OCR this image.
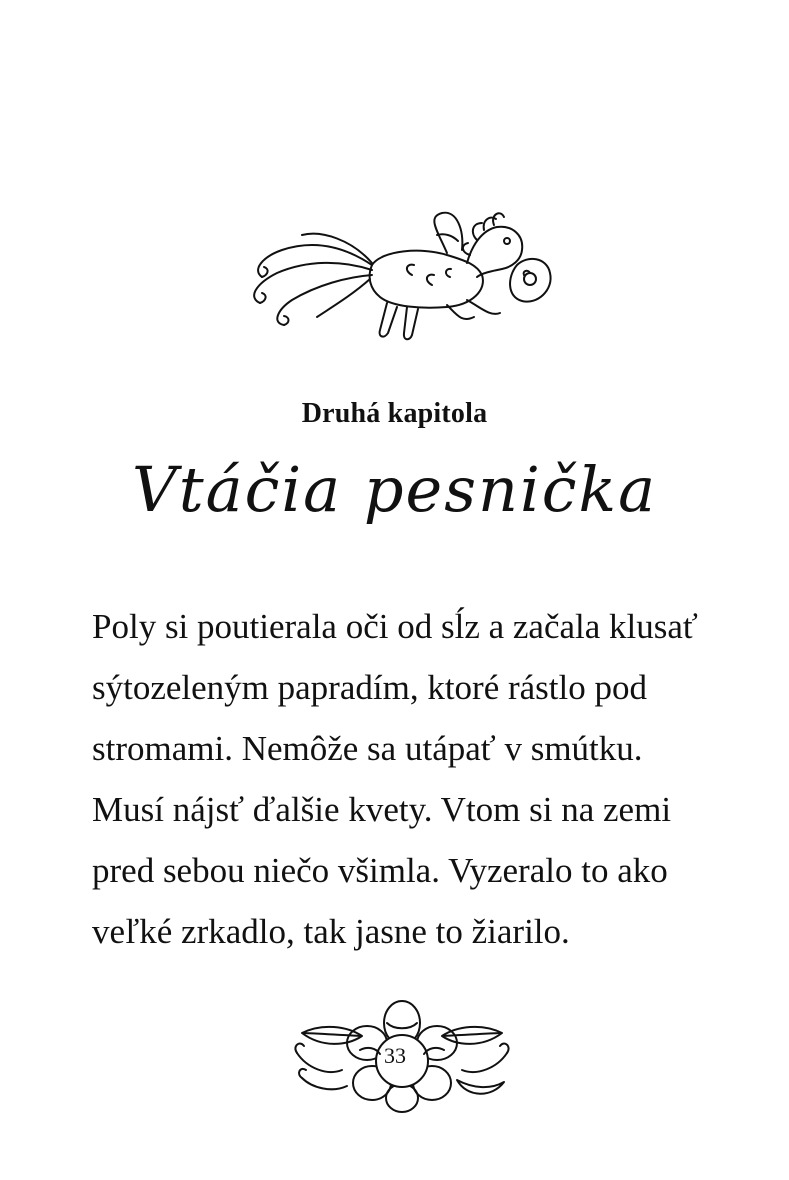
Druhá kapitola
Vtáčia pesnička
Poly si poutierala oči od sĺz a začala klusať
sýtozeleným papradím, ktoré rástlo pod
stromami. Nemôže sa utápať v smútku.
Musí nájsť ďalšie kvety. Vtom si na zemi
pred sebou niečo všimla. Vyzeralo to ako
veľké zrkadlo, tak jasne to žiarilo.
33
